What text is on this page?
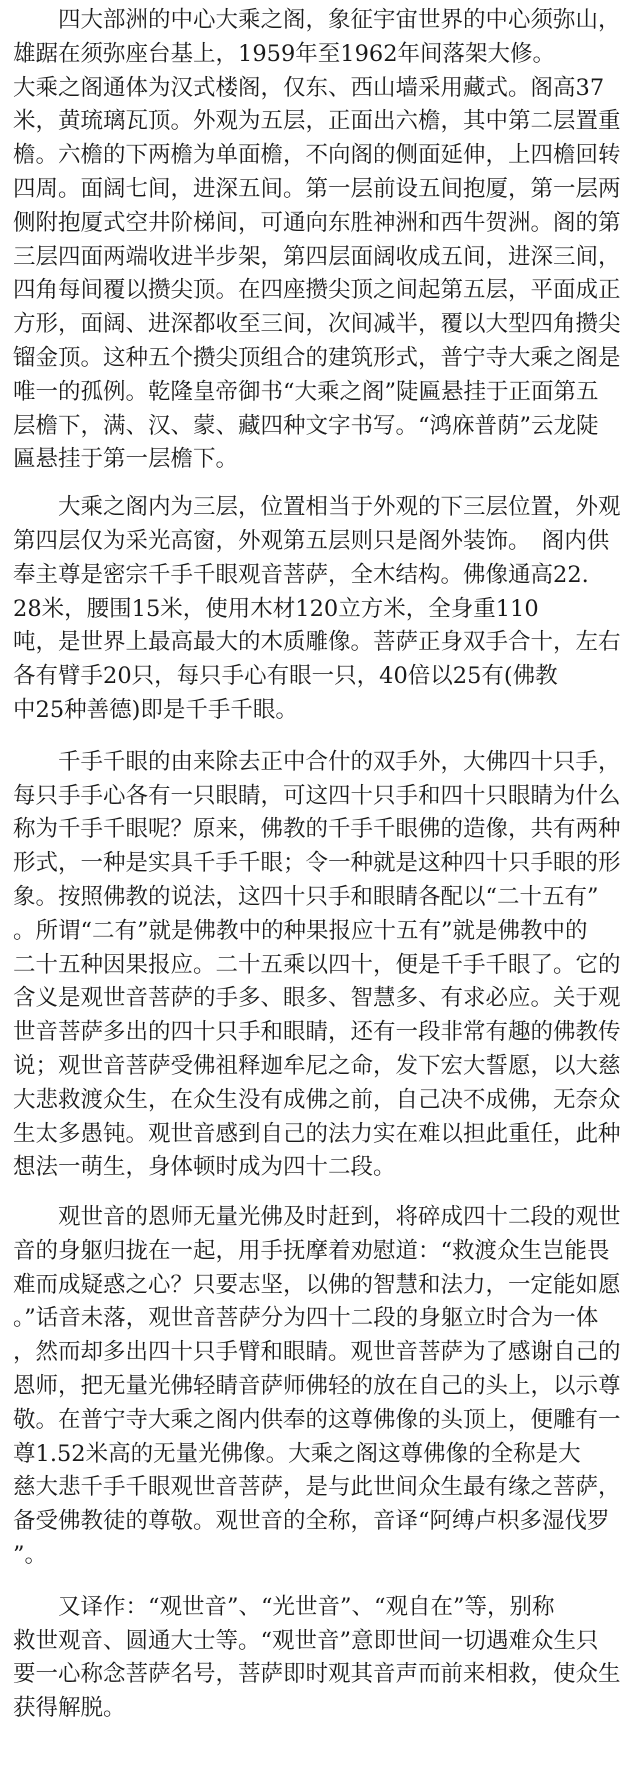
　　四大部洲的中心大乘之阁，象征宇宙世界的中心须弥山，
雄踞在须弥座台基上，1959年至1962年间落架大修。
大乘之阁通体为汉式楼阁，仅东、西山墙采用藏式。阁高37
米，黄琉璃瓦顶。外观为五层，正面出六檐，其中第二层置重
檐。六檐的下两檐为单面檐，不向阁的侧面延伸，上四檐回转
四周。面阔七间，进深五间。第一层前设五间抱厦，第一层两
侧附抱厦式空井阶梯间，可通向东胜神洲和西牛贺洲。阁的第
三层四面两端收进半步架，第四层面阔收成五间，进深三间，
四角每间覆以攒尖顶。在四座攒尖顶之间起第五层，平面成正
方形，面阔、进深都收至三间，次间减半，覆以大型四角攒尖
镏金顶。这种五个攒尖顶组合的建筑形式，普宁寺大乘之阁是
唯一的孤例。乾隆皇帝御书“大乘之阁”陡匾悬挂于正面第五
层檐下，满、汉、蒙、藏四种文字书写。“鸿庥普荫”云龙陡
匾悬挂于第一层檐下。

　　大乘之阁内为三层，位置相当于外观的下三层位置，外观
第四层仅为采光高窗，外观第五层则只是阁外装饰。　阁内供
奉主尊是密宗千手千眼观音菩萨，全木结构。佛像通高22.
28米，腰围15米，使用木材120立方米，全身重110
吨，是世界上最高最大的木质雕像。菩萨正身双手合十，左右
各有臂手20只，每只手心有眼一只，40倍以25有(佛教
中25种善德)即是千手千眼。

　　千手千眼的由来除去正中合什的双手外，大佛四十只手，
每只手手心各有一只眼睛，可这四十只手和四十只眼睛为什么
称为千手千眼呢？原来，佛教的千手千眼佛的造像，共有两种
形式，一种是实具千手千眼；令一种就是这种四十只手眼的形
象。按照佛教的说法，这四十只手和眼睛各配以“二十五有”
。所谓“二有”就是佛教中的种果报应十五有”就是佛教中的
二十五种因果报应。二十五乘以四十，便是千手千眼了。它的
含义是观世音菩萨的手多、眼多、智慧多、有求必应。关于观
世音菩萨多出的四十只手和眼睛，还有一段非常有趣的佛教传
说；观世音菩萨受佛祖释迦牟尼之命，发下宏大誓愿，以大慈
大悲救渡众生，在众生没有成佛之前，自己决不成佛，无奈众
生太多愚钝。观世音感到自己的法力实在难以担此重任，此种
想法一萌生，身体顿时成为四十二段。

　　观世音的恩师无量光佛及时赶到，将碎成四十二段的观世
音的身躯归拢在一起，用手抚摩着劝慰道：“救渡众生岂能畏
难而成疑惑之心？只要志坚，以佛的智慧和法力，一定能如愿
。”话音未落，观世音菩萨分为四十二段的身躯立时合为一体
，然而却多出四十只手臂和眼睛。观世音菩萨为了感谢自己的
恩师，把无量光佛轻睛音萨师佛轻的放在自己的头上，以示尊
敬。在普宁寺大乘之阁内供奉的这尊佛像的头顶上，便雕有一
尊1.52米高的无量光佛像。大乘之阁这尊佛像的全称是大
慈大悲千手千眼观世音菩萨，是与此世间众生最有缘之菩萨，
备受佛教徒的尊敬。观世音的全称，音译“阿缚卢枳多湿伐罗
”。

　　又译作：“观世音”、“光世音”、“观自在”等，别称
救世观音、圆通大士等。“观世音”意即世间一切遇难众生只
要一心称念菩萨名号，菩萨即时观其音声而前来相救，使众生
获得解脱。
